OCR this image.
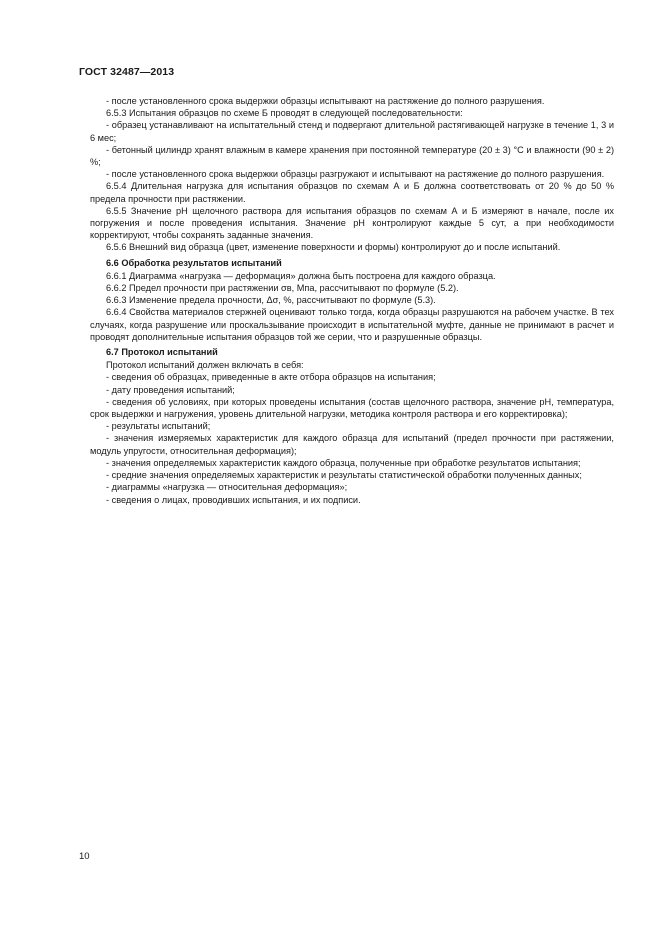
ГОСТ 32487—2013

- после установленного срока выдержки образцы испытывают на растяжение до полного разрушения.

6.5.3 Испытания образцов по схеме Б проводят в следующей последовательности:

- образец устанавливают на испытательный стенд и подвергают длительной растягивающей нагрузке в течение 1, 3 и 6 мес;

- бетонный цилиндр хранят влажным в камере хранения при постоянной температуре (20 ± 3) °С и влажности (90 ± 2) %;

- после установленного срока выдержки образцы разгружают и испытывают на растяжение до полного разрушения.

6.5.4 Длительная нагрузка для испытания образцов по схемам А и Б должна соответствовать от 20 % до 50 % предела прочности при растяжении.

6.5.5 Значение рН щелочного раствора для испытания образцов по схемам А и Б измеряют в начале, после их погружения и после проведения испытания. Значение рН контролируют каждые 5 сут, а при необходимости корректируют, чтобы сохранять заданные значения.

6.5.6 Внешний вид образца (цвет, изменение поверхности и формы) контролируют до и после испытаний.

6.6 Обработка результатов испытаний

6.6.1 Диаграмма «нагрузка — деформация» должна быть построена для каждого образца.

6.6.2 Предел прочности при растяжении σв, Мпа, рассчитывают по формуле (5.2).

6.6.3 Изменение предела прочности, Δσ, %, рассчитывают по формуле (5.3).

6.6.4 Свойства материалов стержней оценивают только тогда, когда образцы разрушаются на рабочем участке. В тех случаях, когда разрушение или проскальзывание происходит в испытательной муфте, данные не принимают в расчет и проводят дополнительные испытания образцов той же серии, что и разрушенные образцы.

6.7 Протокол испытаний

Протокол испытаний должен включать в себя:

- сведения об образцах, приведенные в акте отбора образцов на испытания;

- дату проведения испытаний;

- сведения об условиях, при которых проведены испытания (состав щелочного раствора, значение рН, температура, срок выдержки и нагружения, уровень длительной нагрузки, методика контроля раствора и его корректировка);

- результаты испытаний;

- значения измеряемых характеристик для каждого образца для испытаний (предел прочности при растяжении, модуль упругости, относительная деформация);

- значения определяемых характеристик каждого образца, полученные при обработке результатов испытания;

- средние значения определяемых характеристик и результаты статистической обработки полученных данных;

- диаграммы «нагрузка — относительная деформация»;

- сведения о лицах, проводивших испытания, и их подписи.

10
